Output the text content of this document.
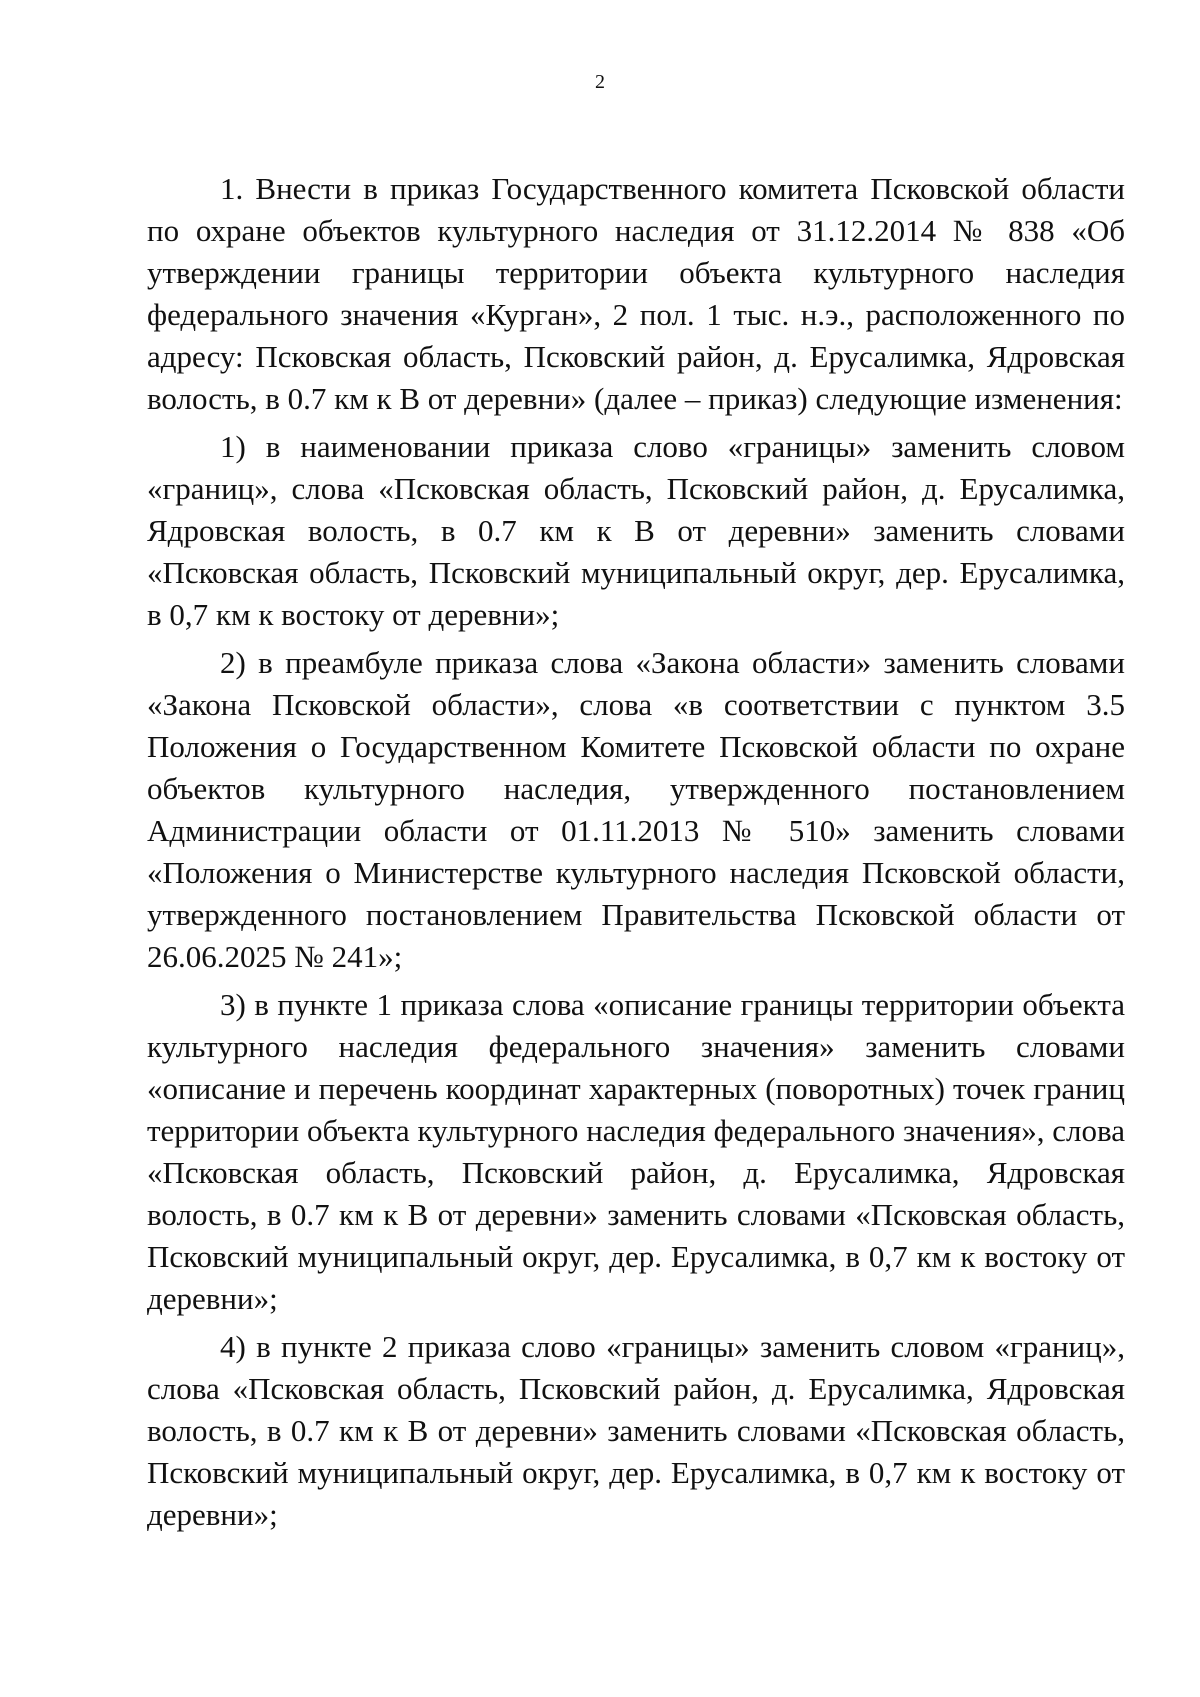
2

1. Внести в приказ Государственного комитета Псковской области по охране объектов культурного наследия от 31.12.2014 № 838 «Об утверждении границы территории объекта культурного наследия федерального значения «Курган», 2 пол. 1 тыс. н.э., расположенного по адресу: Псковская область, Псковский район, д. Ерусалимка, Ядровская волость, в 0.7 км к В от деревни» (далее – приказ) следующие изменения:

1) в наименовании приказа слово «границы» заменить словом «границ», слова «Псковская область, Псковский район, д. Ерусалимка, Ядровская волость, в 0.7 км к В от деревни» заменить словами «Псковская область, Псковский муниципальный округ, дер. Ерусалимка, в 0,7 км к востоку от деревни»;

2) в преамбуле приказа слова «Закона области» заменить словами «Закона Псковской области», слова «в соответствии с пунктом 3.5 Положения о Государственном Комитете Псковской области по охране объектов культурного наследия, утвержденного постановлением Администрации области от 01.11.2013 № 510» заменить словами «Положения о Министерстве культурного наследия Псковской области, утвержденного постановлением Правительства Псковской области от 26.06.2025 № 241»;

3) в пункте 1 приказа слова «описание границы территории объекта культурного наследия федерального значения» заменить словами «описание и перечень координат характерных (поворотных) точек границ территории объекта культурного наследия федерального значения», слова «Псковская область, Псковский район, д. Ерусалимка, Ядровская волость, в 0.7 км к В от деревни» заменить словами «Псковская область, Псковский муниципальный округ, дер. Ерусалимка, в 0,7 км к востоку от деревни»;

4) в пункте 2 приказа слово «границы» заменить словом «границ», слова «Псковская область, Псковский район, д. Ерусалимка, Ядровская волость, в 0.7 км к В от деревни» заменить словами «Псковская область, Псковский муниципальный округ, дер. Ерусалимка, в 0,7 км к востоку от деревни»;
